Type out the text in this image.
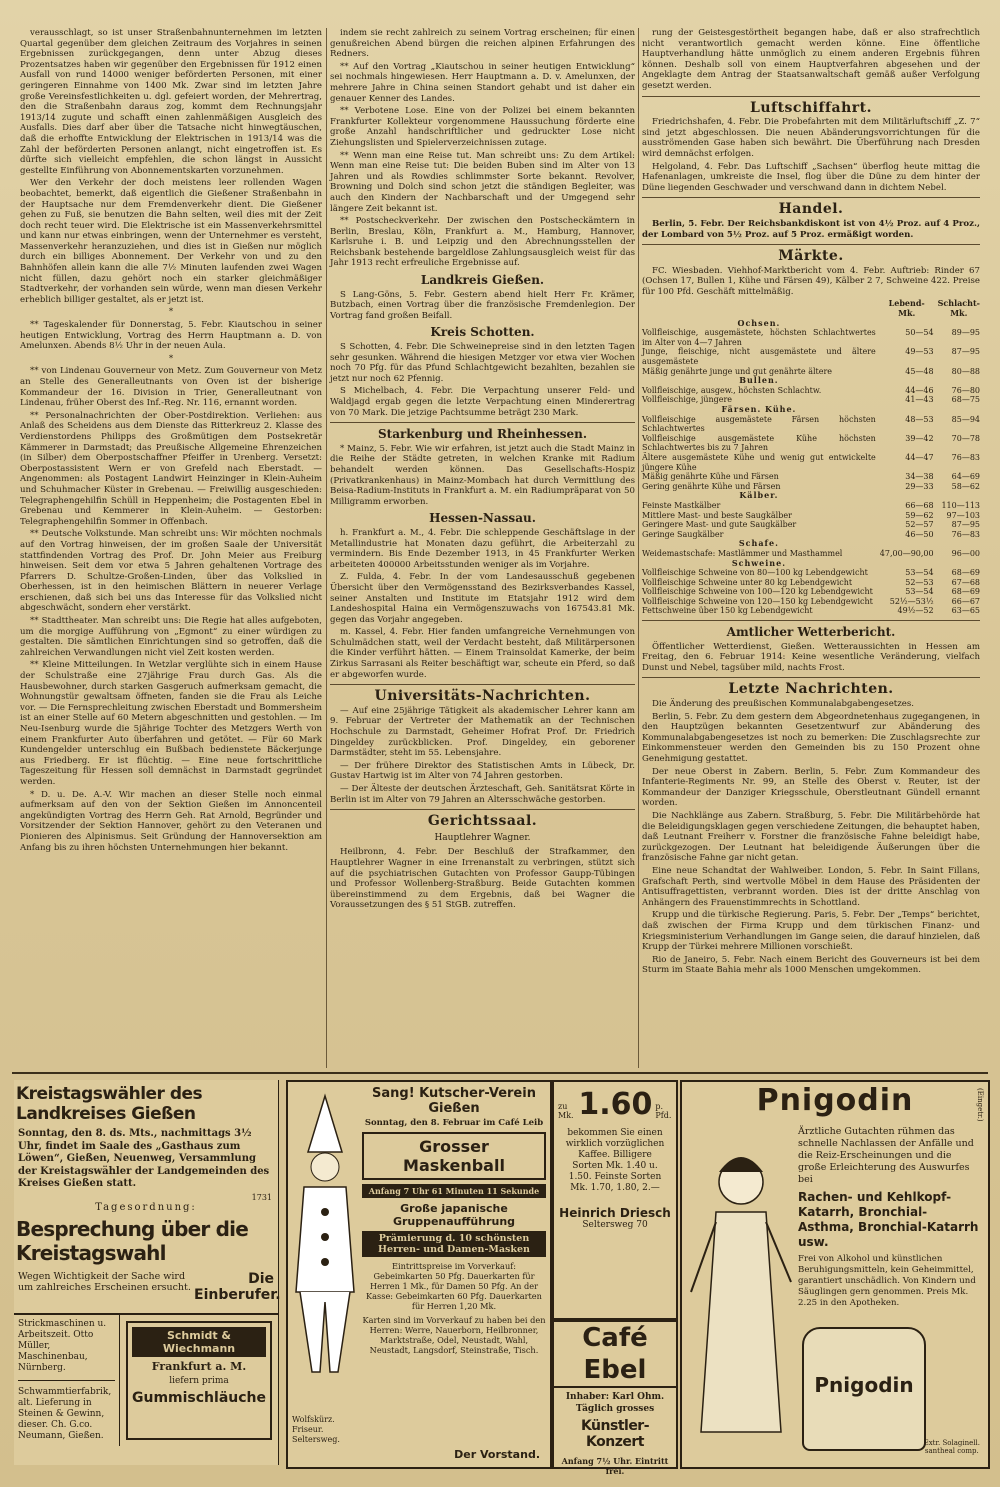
verausschlagt, so ist unser Straßenbahnunternehmen im letzten Quartal gegenüber dem gleichen Zeitraum des Vorjahres in seinen Ergebnissen zurückgegangen, denn unter Abzug dieses Prozentsatzes haben wir gegenüber den Ergebnissen für 1912 einen Ausfall von rund 14000 weniger beförderten Personen, mit einer geringeren Einnahme von 1400 Mk. Zwar sind im letzten Jahre große Vereinsfestlichkeiten u. dgl. gefeiert worden, der Mehrertrag, den die Straßenbahn daraus zog, kommt dem Rechnungsjahr 1913/14 zugute und schafft einen zahlenmäßigen Ausgleich des Ausfalls. Dies darf aber über die Tatsache nicht hinwegtäuschen, daß die erhoffte Entwicklung der Elektrischen in 1913/14 was die Zahl der beförderten Personen anlangt, nicht eingetroffen ist. Es dürfte sich vielleicht empfehlen, die schon längst in Aussicht gestellte Einführung von Abonnementskarten vorzunehmen.

Wer den Verkehr der doch meistens leer rollenden Wagen beobachtet, bemerkt, daß eigentlich die Gießener Straßenbahn in der Hauptsache nur dem Fremdenverkehr dient. Die Gießener gehen zu Fuß, sie benutzen die Bahn selten, weil dies mit der Zeit doch recht teuer wird. Die Elektrische ist ein Massenverkehrsmittel und kann nur etwas einbringen, wenn der Unternehmer es versteht, Massenverkehr heranzuziehen, und dies ist in Gießen nur möglich durch ein billiges Abonnement. Der Verkehr von und zu den Bahnhöfen allein kann die alle 7½ Minuten laufenden zwei Wagen nicht füllen, dazu gehört noch ein starker gleichmäßiger Stadtverkehr, der vorhanden sein würde, wenn man diesen Verkehr erheblich billiger gestaltet, als er jetzt ist.

*

** Tageskalender für Donnerstag, 5. Febr. Kiautschou in seiner heutigen Entwicklung, Vortrag des Herrn Hauptmann a. D. von Amelunxen. Abends 8½ Uhr in der neuen Aula.

*

** von Lindenau Gouverneur von Metz. Zum Gouverneur von Metz an Stelle des Generalleutnants von Oven ist der bisherige Kommandeur der 16. Division in Trier, Generalleutnant von Lindenau, früher Oberst des Inf.-Reg. Nr. 116, ernannt worden.

** Personalnachrichten der Ober-Postdirektion. Verliehen: aus Anlaß des Scheidens aus dem Dienste das Ritterkreuz 2. Klasse des Verdienstordens Philipps des Großmütigen dem Postsekretär Kämmerer in Darmstadt; das Preußische Allgemeine Ehrenzeichen (in Silber) dem Oberpostschaffner Pfeiffer in Urenberg. Versetzt: Oberpostassistent Wern er von Grefeld nach Eberstadt. — Angenommen: als Postagent Landwirt Heinzinger in Klein-Auheim und Schuhmacher Küster in Grebenau. — Freiwillig ausgeschieden: Telegraphengehilfin Schüll in Heppenheim; die Postagenten Ebel in Grebenau und Kemmerer in Klein-Auheim. — Gestorben: Telegraphengehilfin Sommer in Offenbach.

** Deutsche Volkstunde. Man schreibt uns: Wir möchten nochmals auf den Vortrag hinweisen, der im großen Saale der Universität stattfindenden Vortrag des Prof. Dr. John Meier aus Freiburg hinweisen. Seit dem vor etwa 5 Jahren gehaltenen Vortrage des Pfarrers D. Schultze-Großen-Linden, über das Volkslied in Oberhessen, ist in den heimischen Blättern in neuerer Verlage erschienen, daß sich bei uns das Interesse für das Volkslied nicht abgeschwächt, sondern eher verstärkt.

** Stadttheater. Man schreibt uns: Die Regie hat alles aufgeboten, um die morgige Aufführung von „Egmont“ zu einer würdigen zu gestalten. Die sämtlichen Einrichtungen sind so getroffen, daß die zahlreichen Verwandlungen nicht viel Zeit kosten werden.

** Kleine Mitteilungen. In Wetzlar verglühte sich in einem Hause der Schulstraße eine 27jährige Frau durch Gas. Als die Hausbewohner, durch starken Gasgeruch aufmerksam gemacht, die Wohnungstür gewaltsam öffneten, fanden sie die Frau als Leiche vor. — Die Fernsprechleitung zwischen Eberstadt und Bommersheim ist an einer Stelle auf 60 Metern abgeschnitten und gestohlen. — Im Neu-Isenburg wurde die 5jährige Tochter des Metzgers Werth von einem Frankfurter Auto überfahren und getötet. — Für 60 Mark Kundengelder unterschlug ein Bußbach bedienstete Bäckerjunge aus Friedberg. Er ist flüchtig. — Eine neue fortschrittliche Tageszeitung für Hessen soll demnächst in Darmstadt gegründet werden.

* D. u. De. A.-V. Wir machen an dieser Stelle noch einmal aufmerksam auf den von der Sektion Gießen im Annoncenteil angekündigten Vortrag des Herrn Geh. Rat Arnold, Begründer und Vorsitzender der Sektion Hannover, gehört zu den Veteranen und Pionieren des Alpinismus. Seit Gründung der Hannoversektion am Anfang bis zu ihren höchsten Unternehmungen hier bekannt.

indem sie recht zahlreich zu seinem Vortrag erscheinen; für einen genußreichen Abend bürgen die reichen alpinen Erfahrungen des Redners.

** Auf den Vortrag „Kiautschou in seiner heutigen Entwicklung“ sei nochmals hingewiesen. Herr Hauptmann a. D. v. Amelunxen, der mehrere Jahre in China seinen Standort gehabt und ist daher ein genauer Kenner des Landes.

** Verbotene Lose. Eine von der Polizei bei einem bekannten Frankfurter Kollekteur vorgenommene Haussuchung förderte eine große Anzahl handschriftlicher und gedruckter Lose nicht Ziehungslisten und Spielerverzeichnissen zutage.

** Wenn man eine Reise tut. Man schreibt uns: Zu dem Artikel: Wenn man eine Reise tut: Die beiden Buben sind im Alter von 13 Jahren und als Rowdies schlimmster Sorte bekannt. Revolver, Browning und Dolch sind schon jetzt die ständigen Begleiter, was auch den Kindern der Nachbarschaft und der Umgegend sehr längere Zeit bekannt ist.

** Postscheckverkehr. Der zwischen den Postscheckämtern in Berlin, Breslau, Köln, Frankfurt a. M., Hamburg, Hannover, Karlsruhe i. B. und Leipzig und den Abrechnungsstellen der Reichsbank bestehende bargeldlose Zahlungsausgleich weist für das Jahr 1913 recht erfreuliche Ergebnisse auf.

Landkreis Gießen.

S Lang-Göns, 5. Febr. Gestern abend hielt Herr Fr. Krämer, Butzbach, einen Vortrag über die französische Fremdenlegion. Der Vortrag fand großen Beifall.

Kreis Schotten.

S Schotten, 4. Febr. Die Schweinepreise sind in den letzten Tagen sehr gesunken. Während die hiesigen Metzger vor etwa vier Wochen noch 70 Pfg. für das Pfund Schlachtgewicht bezahlten, bezahlen sie jetzt nur noch 62 Pfennig.

S Michelbach, 4. Febr. Die Verpachtung unserer Feld- und Waldjagd ergab gegen die letzte Verpachtung einen Minderertrag von 70 Mark. Die jetzige Pachtsumme beträgt 230 Mark.

Starkenburg und Rheinhessen.

* Mainz, 5. Febr. Wie wir erfahren, ist jetzt auch die Stadt Mainz in die Reihe der Städte getreten, in welchen Kranke mit Radium behandelt werden können. Das Gesellschafts-Hospiz (Privatkrankenhaus) in Mainz-Mombach hat durch Vermittlung des Beisa-Radium-Instituts in Frankfurt a. M. ein Radiumpräparat von 50 Milligramm erworben.

Hessen-Nassau.

h. Frankfurt a. M., 4. Febr. Die schleppende Geschäftslage in der Metallindustrie hat Monaten dazu geführt, die Arbeiterzahl zu vermindern. Bis Ende Dezember 1913, in 45 Frankfurter Werken arbeiteten 400000 Arbeitsstunden weniger als im Vorjahre.

Z. Fulda, 4. Febr. In der vom Landesausschuß gegebenen Übersicht über den Vermögensstand des Bezirksverbandes Kassel, seiner Anstalten und Institute im Etatsjahr 1912 wird dem Landeshospital Haina ein Vermögenszuwachs von 167543.81 Mk. gegen das Vorjahr angegeben.

m. Kassel, 4. Febr. Hier fanden umfangreiche Vernehmungen von Schulmädchen statt, weil der Verdacht besteht, daß Militärpersonen die Kinder verführt hätten. — Einem Trainsoldat Kamerke, der beim Zirkus Sarrasani als Reiter beschäftigt war, scheute ein Pferd, so daß er abgeworfen wurde.

Universitäts-Nachrichten.

— Auf eine 25jährige Tätigkeit als akademischer Lehrer kann am 9. Februar der Vertreter der Mathematik an der Technischen Hochschule zu Darmstadt, Geheimer Hofrat Prof. Dr. Friedrich Dingeldey zurückblicken. Prof. Dingeldey, ein geborener Darmstädter, steht im 55. Lebensjahre.

— Der frühere Direktor des Statistischen Amts in Lübeck, Dr. Gustav Hartwig ist im Alter von 74 Jahren gestorben.

— Der Älteste der deutschen Ärzteschaft, Geh. Sanitätsrat Körte in Berlin ist im Alter von 79 Jahren an Altersschwäche gestorben.

Gerichtssaal.
Hauptlehrer Wagner.

Heilbronn, 4. Febr. Der Beschluß der Strafkammer, den Hauptlehrer Wagner in eine Irrenanstalt zu verbringen, stützt sich auf die psychiatrischen Gutachten von Professor Gaupp-Tübingen und Professor Wollenberg-Straßburg. Beide Gutachten kommen übereinstimmend zu dem Ergebnis, daß bei Wagner die Voraussetzungen des § 51 StGB. zutreffen.

rung der Geistesgestörtheit begangen habe, daß er also strafrechtlich nicht verantwortlich gemacht werden könne. Eine öffentliche Hauptverhandlung hätte unmöglich zu einem anderen Ergebnis führen können. Deshalb soll von einem Hauptverfahren abgesehen und der Angeklagte dem Antrag der Staatsanwaltschaft gemäß außer Verfolgung gesetzt werden.

Luftschiffahrt.

Friedrichshafen, 4. Febr. Die Probefahrten mit dem Militärluftschiff „Z. 7“ sind jetzt abgeschlossen. Die neuen Abänderungsvorrichtungen für die ausströmenden Gase haben sich bewährt. Die Überführung nach Dresden wird demnächst erfolgen.

Helgoland, 4. Febr. Das Luftschiff „Sachsen“ überflog heute mittag die Hafenanlagen, umkreiste die Insel, flog über die Düne zu dem hinter der Düne liegenden Geschwader und verschwand dann in dichtem Nebel.

Handel.

Berlin, 5. Febr. Der Reichsbankdiskont ist von 4½ Proz. auf 4 Proz., der Lombard von 5½ Proz. auf 5 Proz. ermäßigt worden.

Märkte.

FC. Wiesbaden. Viehhof-Marktbericht vom 4. Febr. Auftrieb: Rinder 67 (Ochsen 17, Bullen 1, Kühe und Färsen 49), Kälber 2 7, Schweine 422. Preise für 100 Pfd. Geschäft mittelmäßig.

	Lebend-	Schlacht-
	Mk.	Mk.
Ochsen.		
Vollfleischige, ausgemästete, höchsten Schlachtwertes im Alter von 4—7 Jahren	50—54	89—95
Junge, fleischige, nicht ausgemästete und ältere ausgemästete	49—53	87—95
Mäßig genährte junge und gut genährte ältere	45—48	80—88
Bullen.		
Vollfleischige, ausgew., höchsten Schlachtw.	44—46	76—80
Vollfleischige, jüngere	41—43	68—75
Färsen. Kühe.		
Vollfleischige ausgemästete Färsen höchsten Schlachtwertes	48—53	85—94
Vollfleischige ausgemästete Kühe höchsten Schlachtwertes bis zu 7 Jahren	39—42	70—78
Ältere ausgemästete Kühe und wenig gut entwickelte jüngere Kühe	44—47	76—83
Mäßig genährte Kühe und Färsen	34—38	64—69
Gering genährte Kühe und Färsen	29—33	58—62
Kälber.		
Feinste Mastkälber	66—68	110—113
Mittlere Mast- und beste Saugkälber	59—62	97—103
Geringere Mast- und gute Saugkälber	52—57	87—95
Geringe Saugkälber	46—50	76—83
Schafe.		
Weidemastschafe: Mastlämmer und Masthammel	47,00—90,00	96—00
Schweine.		
Vollfleischige Schweine von 80—100 kg Lebendgewicht	53—54	68—69
Vollfleischige Schweine unter 80 kg Lebendgewicht	52—53	67—68
Vollfleischige Schweine von 100—120 kg Lebendgewicht	53—54	68—69
Vollfleischige Schweine von 120—150 kg Lebendgewicht	52½—53½	66—67
Fettschweine über 150 kg Lebendgewicht	49½—52	63—65
Amtlicher Wetterbericht.

Öffentlicher Wetterdienst, Gießen. Wetteraussichten in Hessen am Freitag, den 6. Februar 1914: Keine wesentliche Veränderung, vielfach Dunst und Nebel, tagsüber mild, nachts Frost.

Letzte Nachrichten.

Die Änderung des preußischen Kommunalabgabengesetzes.

Berlin, 5. Febr. Zu dem gestern dem Abgeordnetenhaus zugegangenen, in den Hauptzügen bekannten Gesetzentwurf zur Abänderung des Kommunalabgabengesetzes ist noch zu bemerken: Die Zuschlagsrechte zur Einkommensteuer werden den Gemeinden bis zu 150 Prozent ohne Genehmigung gestattet.

Der neue Oberst in Zabern. Berlin, 5. Febr. Zum Kommandeur des Infanterie-Regiments Nr. 99, an Stelle des Oberst v. Reuter, ist der Kommandeur der Danziger Kriegsschule, Oberstleutnant Gündell ernannt worden.

Die Nachklänge aus Zabern. Straßburg, 5. Febr. Die Militärbehörde hat die Beleidigungsklagen gegen verschiedene Zeitungen, die behauptet haben, daß Leutnant Freiherr v. Forstner die französische Fahne beleidigt habe, zurückgezogen. Der Leutnant hat beleidigende Äußerungen über die französische Fahne gar nicht getan.

Eine neue Schandtat der Wahlweiber. London, 5. Febr. In Saint Fillans, Grafschaft Perth, sind wertvolle Möbel in dem Hause des Präsidenten der Antisuffragettisten, verbrannt worden. Dies ist der dritte Anschlag von Anhängern des Frauenstimmrechts in Schottland.

Krupp und die türkische Regierung. Paris, 5. Febr. Der „Temps“ berichtet, daß zwischen der Firma Krupp und dem türkischen Finanz- und Kriegsministerium Verhandlungen im Gange seien, die darauf hinzielen, daß Krupp der Türkei mehrere Millionen vorschießt.

Rio de Janeiro, 5. Febr. Nach einem Bericht des Gouverneurs ist bei dem Sturm im Staate Bahia mehr als 1000 Menschen umgekommen.

Kreistagswähler des Landkreises Gießen
Sonntag, den 8. ds. Mts., nachmittags 3½ Uhr, findet im Saale des „Gasthaus zum Löwen“, Gießen, Neuenweg, Versammlung der Kreistagswähler der Landgemeinden des Kreises Gießen statt.
1731
Tagesordnung:
Besprechung über die Kreistagswahl
Wegen Wichtigkeit der Sache wird um zahlreiches Erscheinen ersucht.
Die Einberufer.
Strickmaschinen u. Arbeitszeit. Otto Müller, Maschinenbau, Nürnberg.
Schwammtierfabrik, alt. Lieferung in Steinen & Gewinn, dieser. Ch. G.co. Neumann, Gießen.
Schmidt & Wiechmann
Frankfurt a. M.
liefern prima
Gummischläuche
Sang! Kutscher-Verein Gießen
Sonntag, den 8. Februar im Café Leib
Grosser Maskenball
Anfang 7 Uhr 61 Minuten 11 Sekunde
Große japanische Gruppenaufführung
Prämierung d. 10 schönsten Herren- und Damen-Masken
Eintrittspreise im Vorverkauf: Gebeimkarten 50 Pfg. Dauerkarten für Herren 1 Mk., für Damen 50 Pfg. An der Kasse: Gebeimkarten 60 Pfg. Dauerkarten für Herren 1,20 Mk.
Karten sind im Vorverkauf zu haben bei den Herren: Werre, Nauerborn, Heilbronner, Marktstraße, Odel, Neustadt, Wahl, Neustadt, Langsdorf, Steinstraße, Tisch.
Wolfskürz. Friseur. Seltersweg.
Der Vorstand.
zu Mk. 1.60 p. Pfd.
bekommen Sie einen wirklich vorzüglichen Kaffee. Billigere Sorten Mk. 1.40 u. 1.50. Feinste Sorten Mk. 1.70, 1.80, 2.—
Heinrich Driesch
Seltersweg 70
Café Ebel
Inhaber: Karl Ohm.
Täglich grosses
Künstler-Konzert
Anfang 7½ Uhr. Eintritt frei.
Pnigodin	(Eingetr.)
Ärztliche Gutachten rühmen das schnelle Nachlassen der Anfälle und die Reiz-Erscheinungen und die große Erleichterung des Auswurfes bei
Rachen- und Kehlkopf-Katarrh, Bronchial-Asthma, Bronchial-Katarrh usw.
Frei von Alkohol und künstlichen Beruhigungsmitteln, kein Geheimmittel, garantiert unschädlich. Von Kindern und Säuglingen gern genommen. Preis Mk. 2.25 in den Apotheken.
Pnigodin
Extr. Solaginell.
santheal comp.
